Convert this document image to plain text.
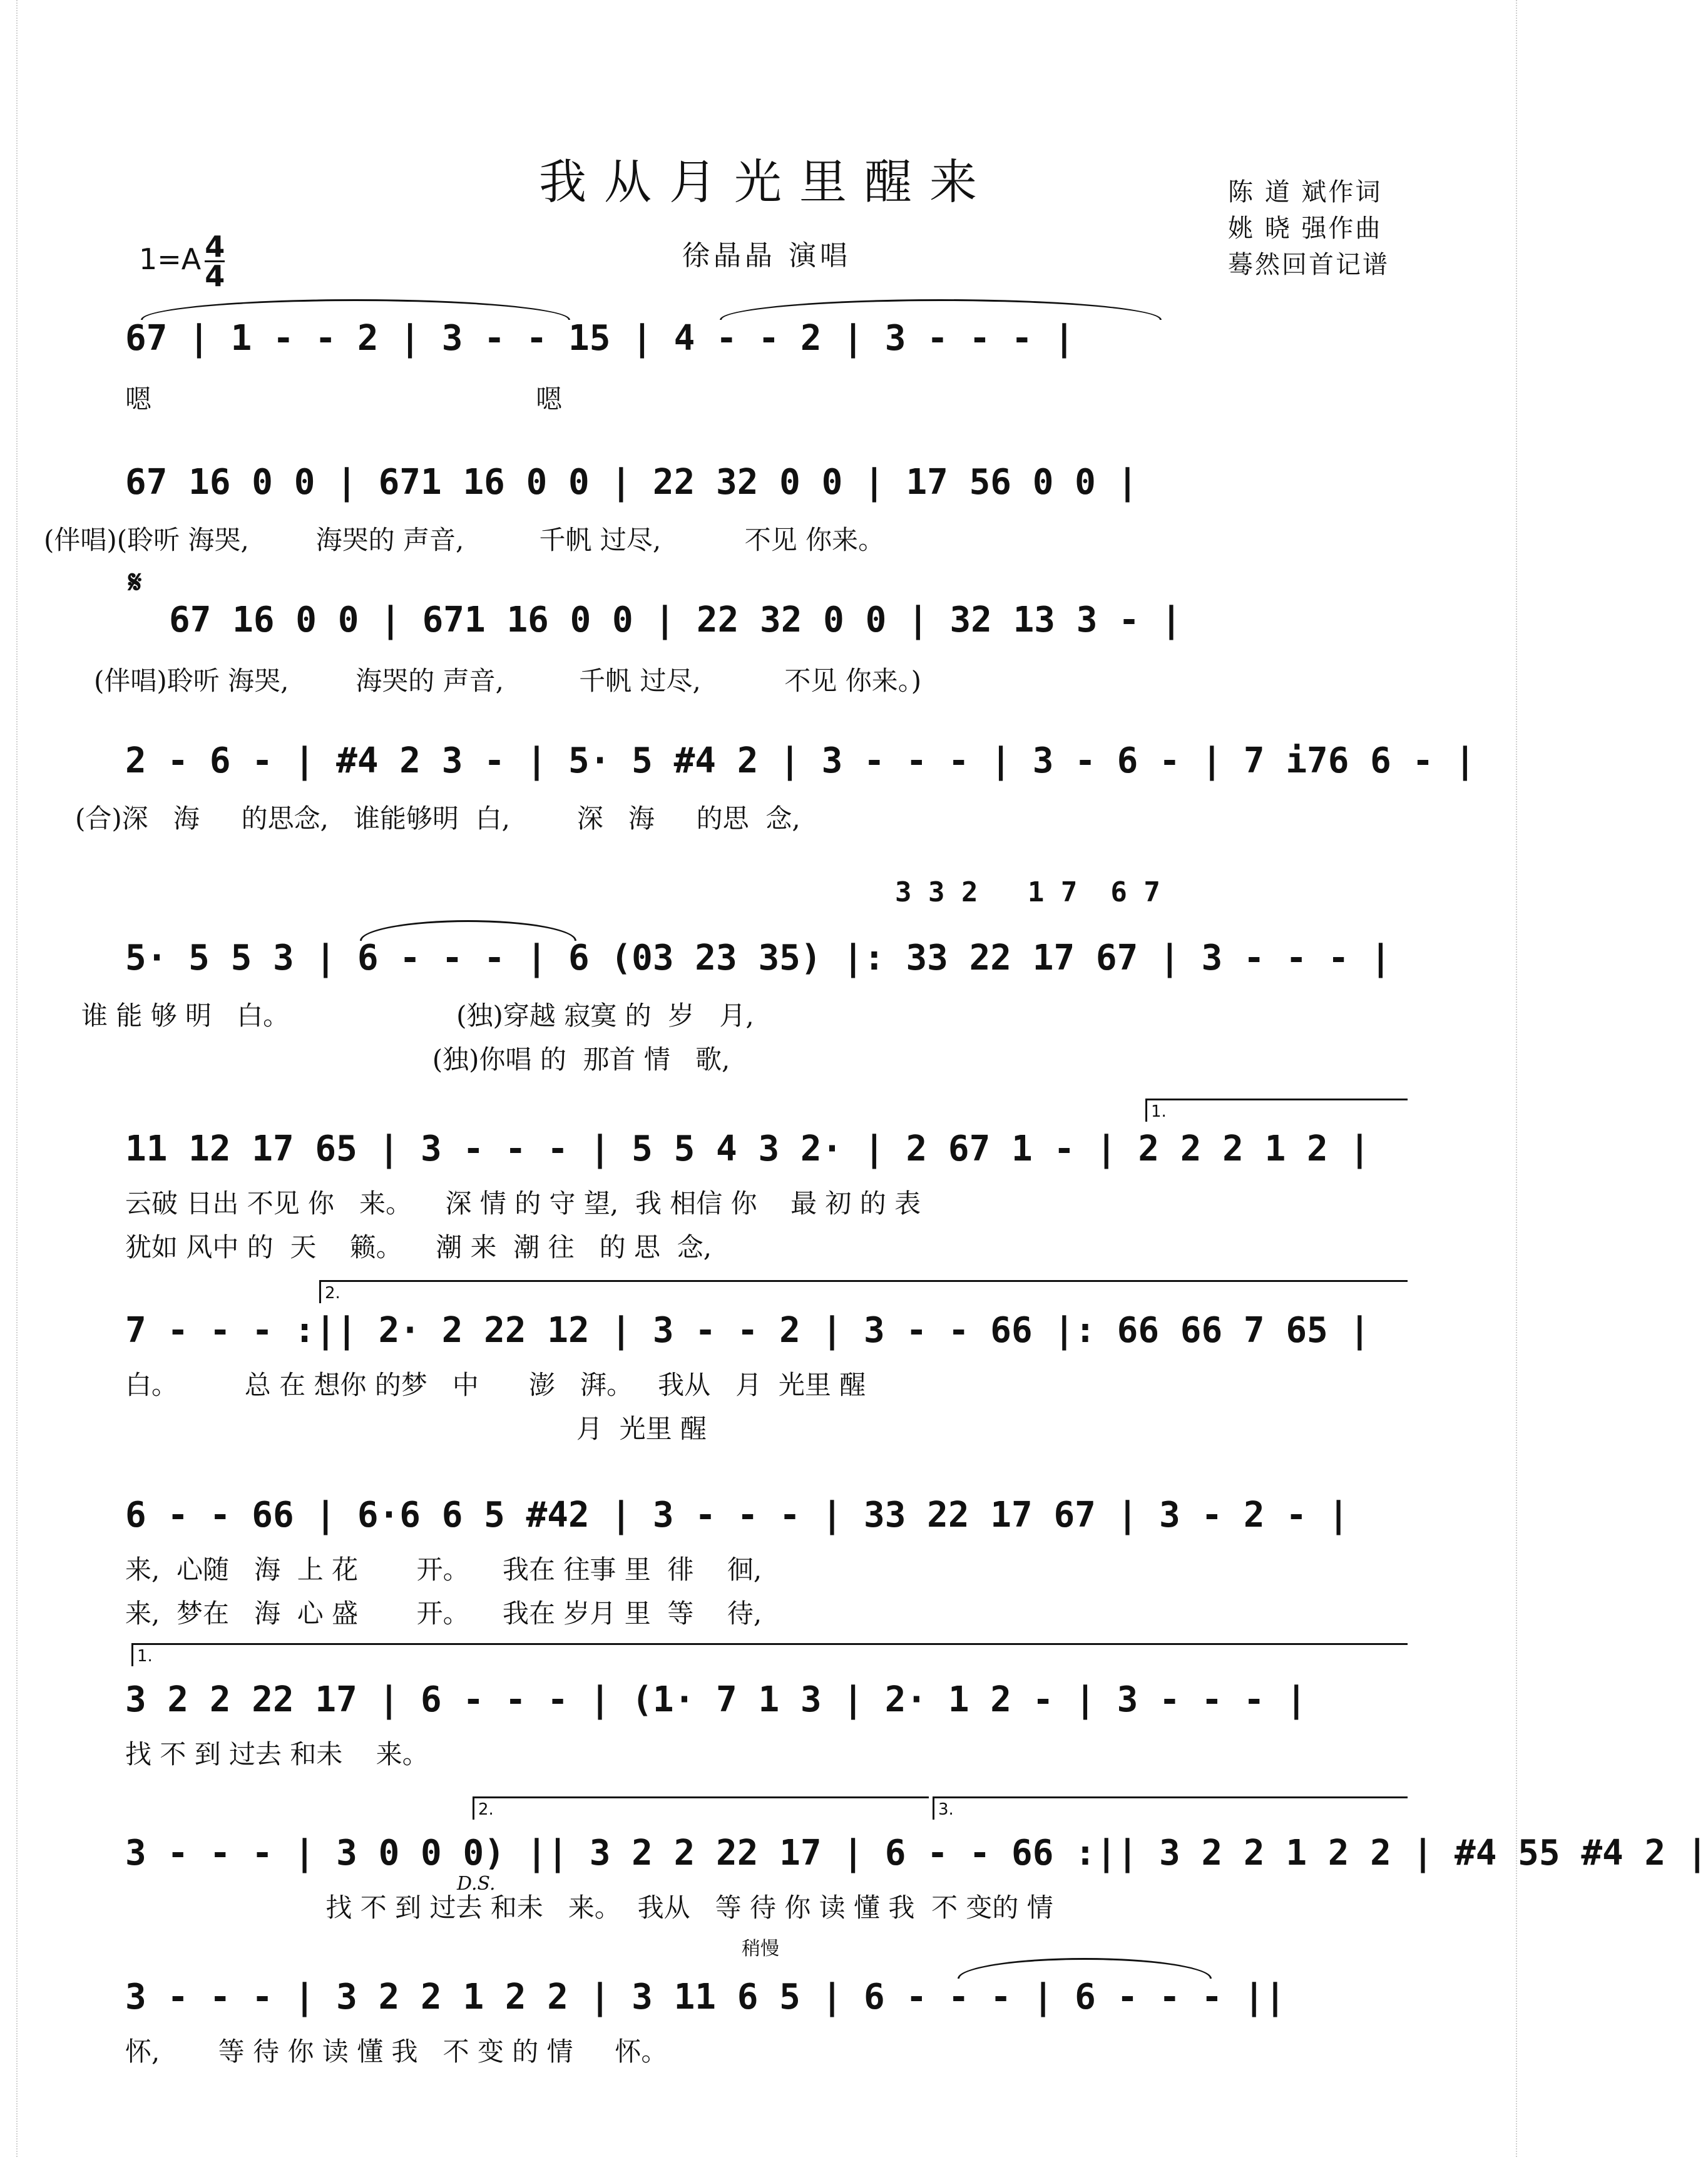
我从月光里醒来	陈 道 斌作词
姚 晓 强作曲
蓦然回首记谱
$1=A \frac{4}{4}$	徐晶晶 演唱
67 | 1 - - 2 | 3 - - 15 | 4 - - 2 | 3 - - - |
嗯                                              嗯
67 16 0 0 | 671 16 0 0 | 22 32 0 0 | 17 56 0 0 |
(伴唱)(聆听 海哭,        海哭的 声音,         千帆 过尽,          不见 你来。
𝄋
67 16 0 0 | 671 16 0 0 | 22 32 0 0 | 32 13 3 - |
(伴唱)聆听 海哭,        海哭的 声音,         千帆 过尽,          不见 你来。)
2 - 6 - | #4 2 3 - | 5· 5 #4 2 | 3 - - - | 3 - 6 - | 7 i76 6 - |
(合)深   海     的思念,   谁能够明  白,        深   海     的思  念,
3 3 2   1 7  6 7
5· 5 5 3 | 6 - - - | 6 (03 23 35) |: 33 22 17 67 | 3 - - - |
谁 能 够 明   白。                    (独)穿越 寂寞 的  岁   月,
(独)你唱 的  那首 情   歌,
1.
11 12 17 65 | 3 - - - | 5 5 4 3 2· | 2 67 1 - | 2 2 2 1 2 |
云破 日出 不见 你   来。    深 情 的 守 望,  我 相信 你    最 初 的 表
犹如 风中 的  天    籁。    潮 来  潮 往   的 思  念,
2.
7 - - - :|| 2· 2 22 12 | 3 - - 2 | 3 - - 66 |: 66 66 7 65 |
白。        总 在 想你 的梦   中      澎   湃。   我从   月  光里 醒
月  光里 醒
6 - - 66 | 6·6 6 5 #42 | 3 - - - | 33 22 17 67 | 3 - 2 - |
来,  心随   海  上 花       开。    我在 往事 里  徘    徊,
来,  梦在   海  心 盛       开。    我在 岁月 里  等    待,
1.
3 2 2 22 17 | 6 - - - | (1· 7 1 3 | 2· 1 2 - | 3 - - - |
找 不 到 过去 和未    来。
2.	3.
3 - - - | 3 0 0 0) || 3 2 2 22 17 | 6 - - 66 :|| 3 2 2 1 2 2 | #4 55 #4 2 |
D.S.
找 不 到 过去 和未   来。  我从   等 待 你 读 懂 我  不 变的 情
稍慢
3 - - - | 3 2 2 1 2 2 | 3 11 6 5 | 6 - - - | 6 - - - ||
怀,       等 待 你 读 懂 我   不 变 的 情     怀。
